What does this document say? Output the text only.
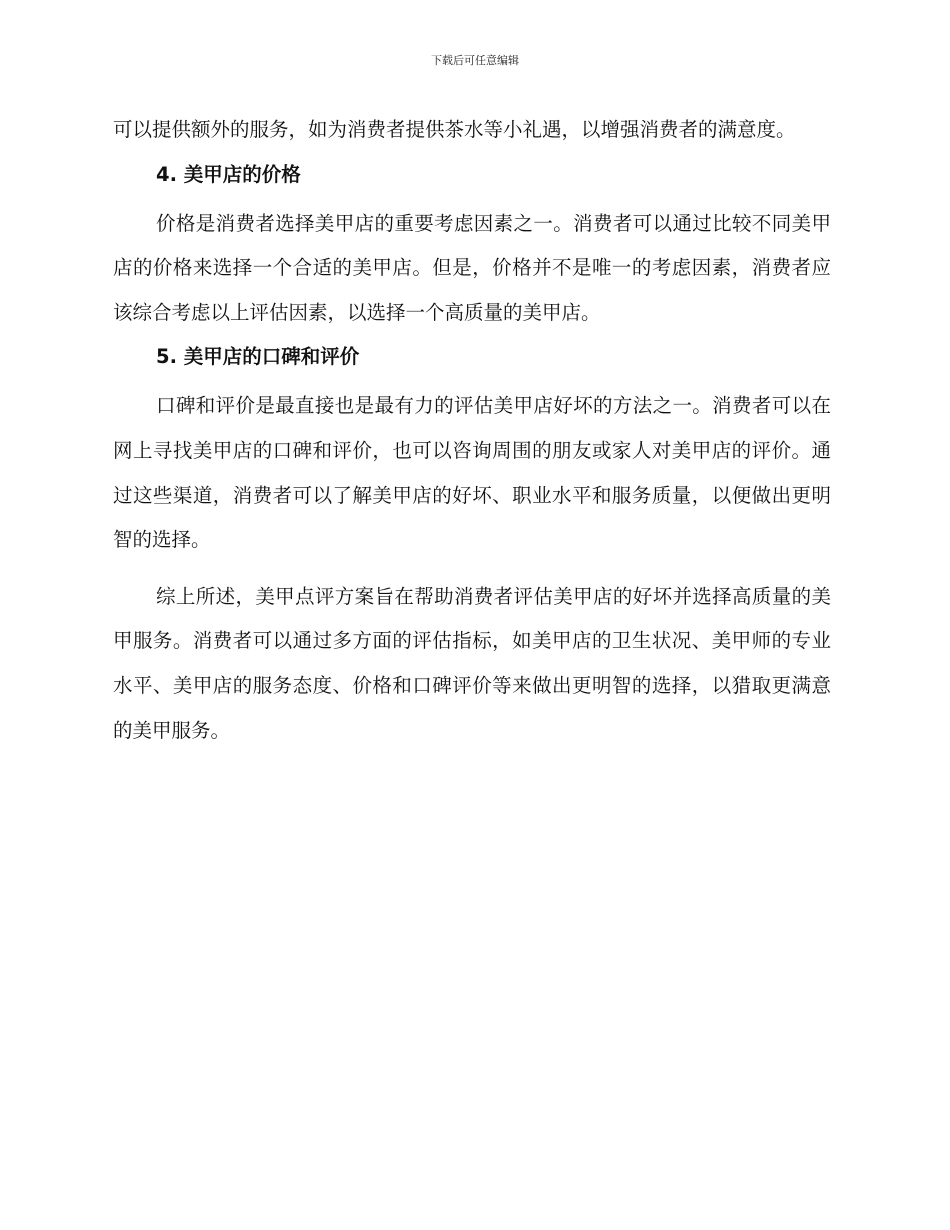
下载后可任意编辑

可以提供额外的服务，如为消费者提供茶水等小礼遇，以增强消费者的满意度。

4. 美甲店的价格

价格是消费者选择美甲店的重要考虑因素之一。消费者可以通过比较不同美甲店的价格来选择一个合适的美甲店。但是，价格并不是唯一的考虑因素，消费者应该综合考虑以上评估因素，以选择一个高质量的美甲店。

5. 美甲店的口碑和评价

口碑和评价是最直接也是最有力的评估美甲店好坏的方法之一。消费者可以在网上寻找美甲店的口碑和评价，也可以咨询周围的朋友或家人对美甲店的评价。通过这些渠道，消费者可以了解美甲店的好坏、职业水平和服务质量，以便做出更明智的选择。

综上所述，美甲点评方案旨在帮助消费者评估美甲店的好坏并选择高质量的美甲服务。消费者可以通过多方面的评估指标，如美甲店的卫生状况、美甲师的专业水平、美甲店的服务态度、价格和口碑评价等来做出更明智的选择，以猎取更满意的美甲服务。
